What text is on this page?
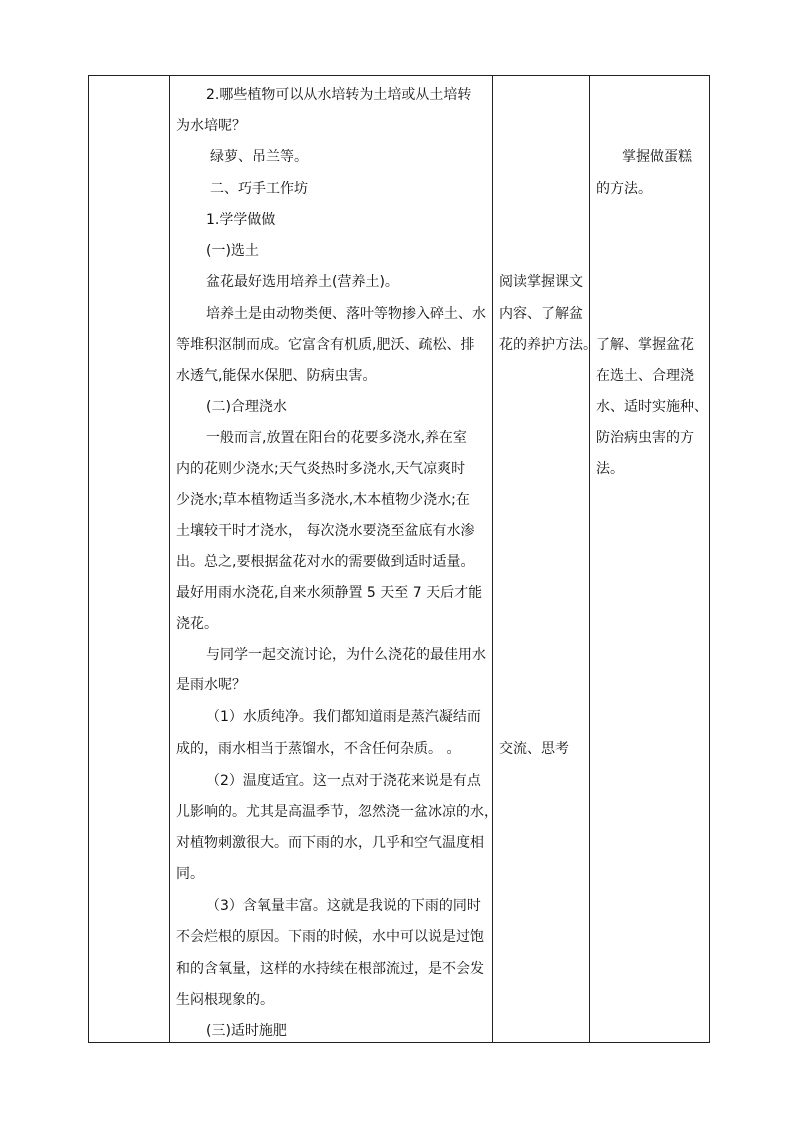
2.哪些植物可以从水培转为土培或从土培转
为水培呢？
绿萝、吊兰等。
二、巧手工作坊
1.学学做做
(一)选土
盆花最好选用培养土(营养土)。
培养土是由动物类便、落叶等物掺入碎土、水
等堆积沤制而成。它富含有机质,肥沃、疏松、排
水透气,能保水保肥、防病虫害。
(二)合理浇水
一般而言,放置在阳台的花要多浇水,养在室
内的花则少浇水;天气炎热时多浇水,天气凉爽时
少浇水;草本植物适当多浇水,木本植物少浇水;在
土壤较干时才浇水， 每次浇水要浇至盆底有水渗
出。总之,要根据盆花对水的需要做到适时适量。
最好用雨水浇花,自来水须静置 5 天至 7 天后才能
浇花。
与同学一起交流讨论，为什么浇花的最佳用水
是雨水呢？
（1）水质纯净。我们都知道雨是蒸汽凝结而
成的，雨水相当于蒸馏水，不含任何杂质。 。
（2）温度适宜。这一点对于浇花来说是有点
儿影响的。尤其是高温季节，忽然浇一盆冰凉的水，
对植物刺激很大。而下雨的水，几乎和空气温度相
同。
（3）含氧量丰富。这就是我说的下雨的同时
不会烂根的原因。下雨的时候，水中可以说是过饱
和的含氧量，这样的水持续在根部流过，是不会发
生闷根现象的。
(三)适时施肥

阅读掌握课文
内容、了解盆
花的养护方法。
交流、思考

掌握做蛋糕
的方法。
了解、掌握盆花
在选土、合理浇
水、适时实施种、
防治病虫害的方
法。
